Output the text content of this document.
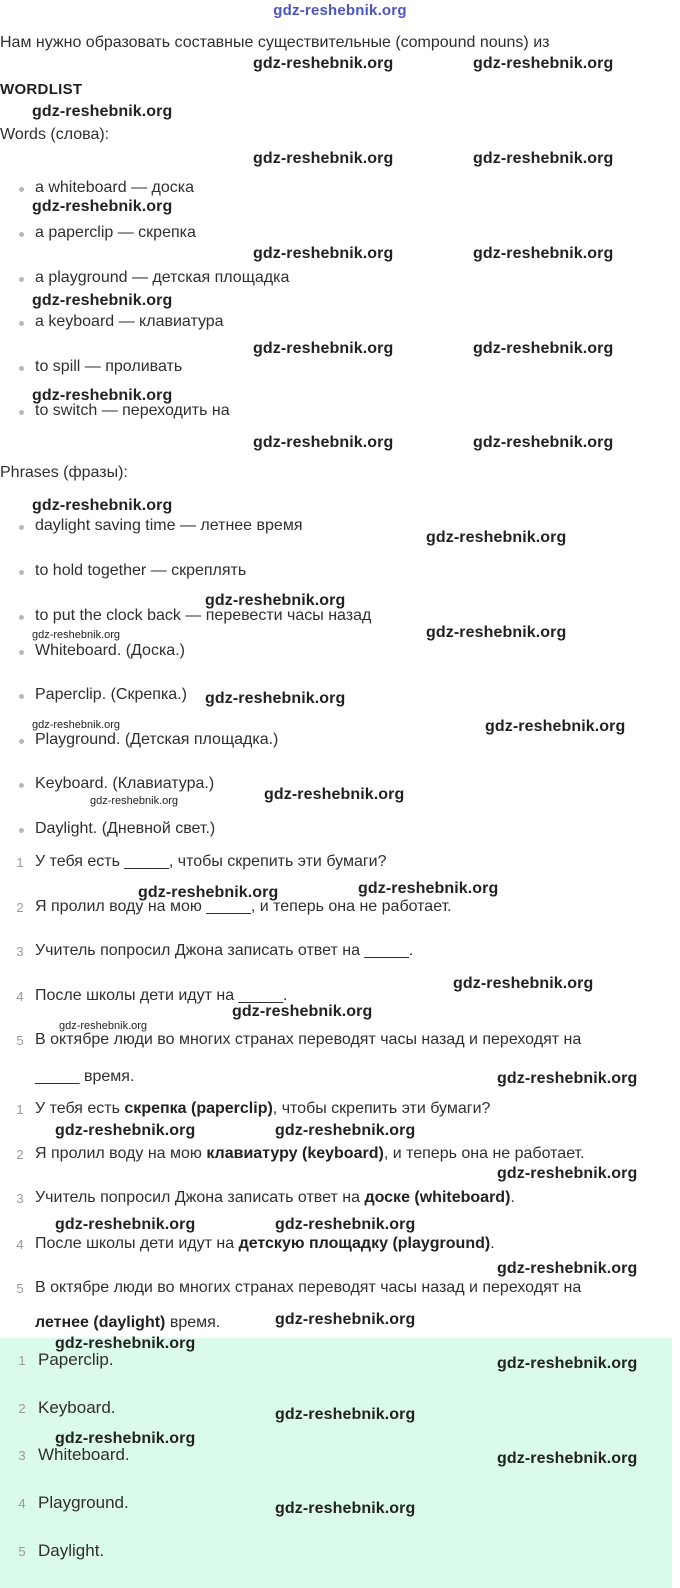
gdz-reshebnik.org
Нам нужно образовать составные существительные (compound nouns) из
WORDLIST
Words (слова):
a whiteboard — доска
a paperclip — скрепка
a playground — детская площадка
a keyboard — клавиатура
to spill — проливать
to switch — переходить на
Phrases (фразы):
daylight saving time — летнее время
to hold together — скреплять
to put the clock back — перевести часы назад
Whiteboard. (Доска.)
Paperclip. (Скрепка.)
Playground. (Детская площадка.)
Keyboard. (Клавиатура.)
Daylight. (Дневной свет.)
1 У тебя есть _____, чтобы скрепить эти бумаги?
2 Я пролил воду на мою _____, и теперь она не работает.
3 Учитель попросил Джона записать ответ на _____.
4 После школы дети идут на _____.
5 В октябре люди во многих странах переводят часы назад и переходят на
_____ время.
1 У тебя есть скрепка (paperclip), чтобы скрепить эти бумаги?
2 Я пролил воду на мою клавиатуру (keyboard), и теперь она не работает.
3 Учитель попросил Джона записать ответ на доске (whiteboard).
4 После школы дети идут на детскую площадку (playground).
5 В октябре люди во многих странах переводят часы назад и переходят на
летнее (daylight) время.
1 Paperclip.
2 Keyboard.
3 Whiteboard.
4 Playground.
5 Daylight.
gdz-reshebnik.org	gdz-reshebnik.org
gdz-reshebnik.org
gdz-reshebnik.org	gdz-reshebnik.org
gdz-reshebnik.org
gdz-reshebnik.org	gdz-reshebnik.org
gdz-reshebnik.org
gdz-reshebnik.org	gdz-reshebnik.org
gdz-reshebnik.org
gdz-reshebnik.org	gdz-reshebnik.org
gdz-reshebnik.org
gdz-reshebnik.org
gdz-reshebnik.org
gdz-reshebnik.org
gdz-reshebnik.org
gdz-reshebnik.org
gdz-reshebnik.org
gdz-reshebnik.org	gdz-reshebnik.org
gdz-reshebnik.org
gdz-reshebnik.org
gdz-reshebnik.org
gdz-reshebnik.org	gdz-reshebnik.org
gdz-reshebnik.org
gdz-reshebnik.org	gdz-reshebnik.org
gdz-reshebnik.org
gdz-reshebnik.org
gdz-reshebnik.org
gdz-reshebnik.org
gdz-reshebnik.org
gdz-reshebnik.org
gdz-reshebnik.org
gdz-reshebnik.org
gdz-reshebnik.org
gdz-reshebnik.org
gdz-reshebnik.org
gdz-reshebnik.org
